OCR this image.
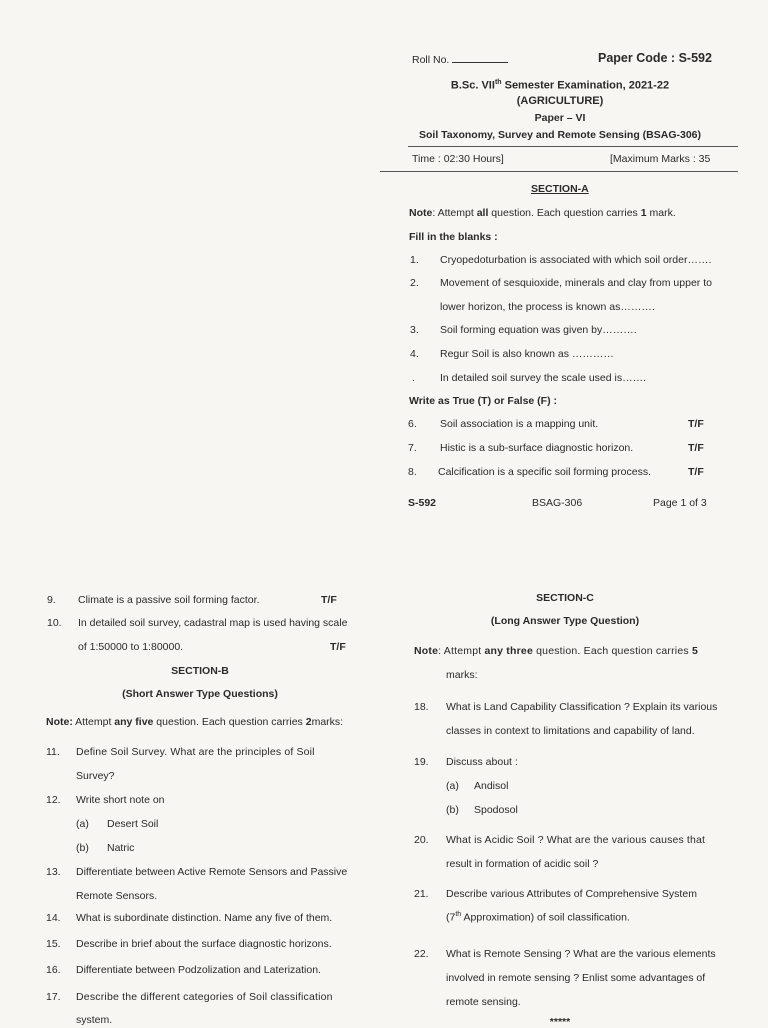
Roll No.	Paper Code : S-592
B.Sc. VIIth Semester Examination, 2021-22
(AGRICULTURE)
Paper – VI
Soil Taxonomy, Survey and Remote Sensing (BSAG-306)
Time : 02:30 Hours]	[Maximum Marks : 35
SECTION-A
Note: Attempt all question. Each question carries 1 mark.
Fill in the blanks :
1. Cryopedoturbation is associated with which soil order…….
2. Movement of sesquioxide, minerals and clay from upper to
lower horizon, the process is known as……….
3. Soil forming equation was given by……….
4. Regur Soil is also known as …………
. In detailed soil survey the scale used is…….
Write as True (T) or False (F) :
6. Soil association is a mapping unit.	T/F
7. Histic is a sub-surface diagnostic horizon.	T/F
8. Calcification is a specific soil forming process.	T/F
S-592	BSAG-306	Page 1 of 3
9. Climate is a passive soil forming factor.	T/F
10. In detailed soil survey, cadastral map is used having scale
of 1:50000 to 1:80000.	T/F
SECTION-B
(Short Answer Type Questions)
Note: Attempt any five question. Each question carries 2marks:
11. Define Soil Survey. What are the principles of Soil
Survey?
12. Write short note on
(a) Desert Soil
(b) Natric
13. Differentiate between Active Remote Sensors and Passive
Remote Sensors.
14. What is subordinate distinction. Name any five of them.
15. Describe in brief about the surface diagnostic horizons.
16. Differentiate between Podzolization and Laterization.
17. Describe the different categories of Soil classification
system.
SECTION-C
(Long Answer Type Question)
Note: Attempt any three question. Each question carries 5
marks:
18. What is Land Capability Classification ? Explain its various
classes in context to limitations and capability of land.
19. Discuss about :
(a) Andisol
(b) Spodosol
20. What is Acidic Soil ? What are the various causes that
result in formation of acidic soil ?
21. Describe various Attributes of Comprehensive System
(7th Approximation) of soil classification.
22. What is Remote Sensing ? What are the various elements
involved in remote sensing ? Enlist some advantages of
remote sensing.
*****
